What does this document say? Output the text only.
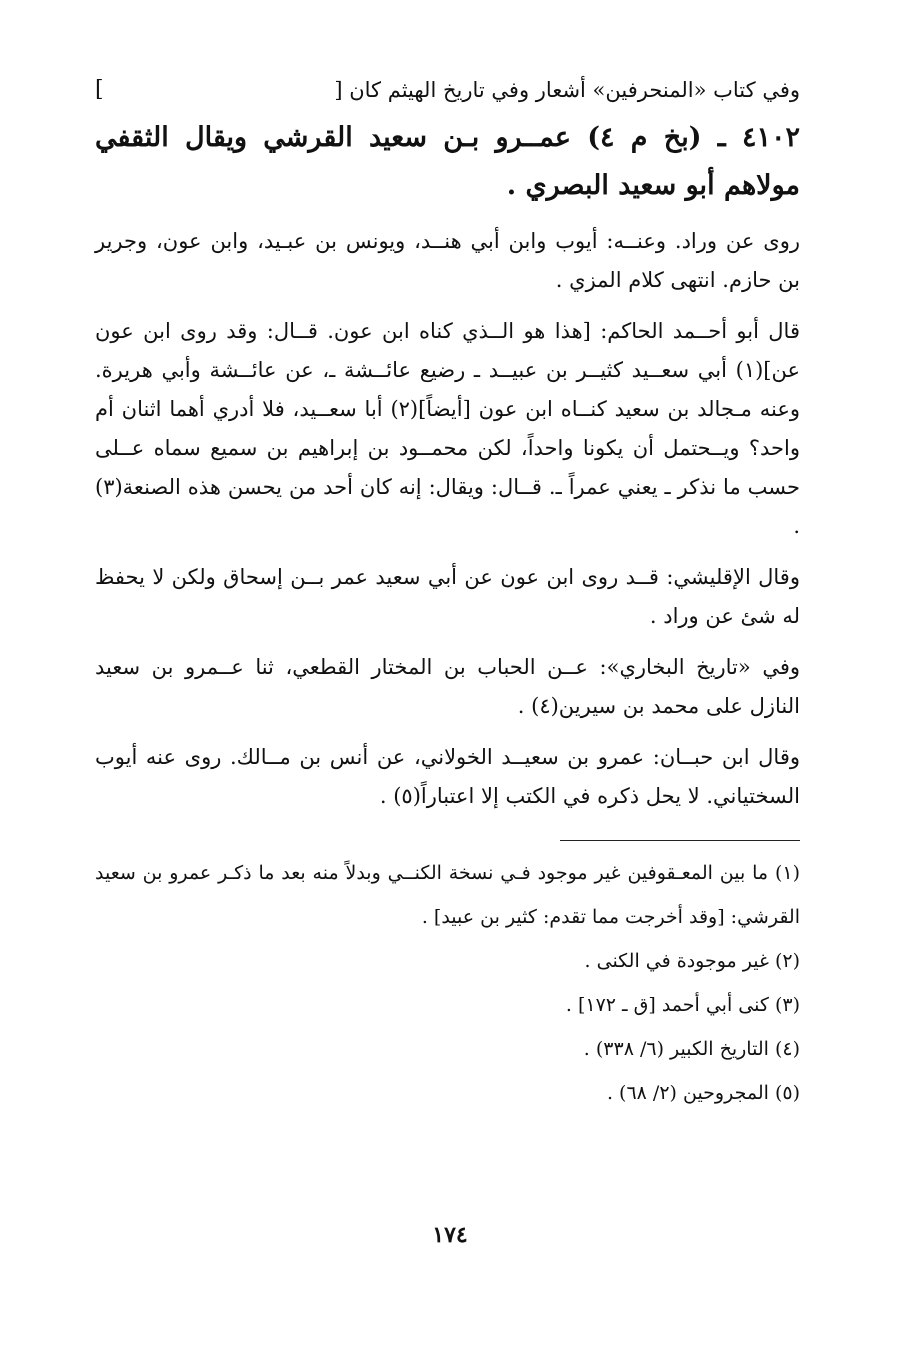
وفي كتاب «المنحرفين» أشعار وفي تاريخ الهيثم كان [
]
٤١٠٢ ـ (بخ م ٤) عمــرو بـن سعيد القرشي ويقال الثقفي مولاهم أبو سعيد البصري .

روى عن وراد. وعنــه: أيوب وابن أبي هنــد، ويونس بن عبـيد، وابن عون، وجرير بن حازم. انتهى كلام المزي .

قال أبو أحــمد الحاكم: [هذا هو الــذي كناه ابن عون. قــال: وقد روى ابن عون عن](١) أبي سعــيد كثيــر بن عبيــد ـ رضيع عائــشة ـ، عن عائــشة وأبي هريرة. وعنه مـجالد بن سعيد كنــاه ابن عون [أيضاً](٢) أبا سعــيد، فلا أدري أهما اثنان أم واحد؟ ويــحتمل أن يكونا واحداً، لكن محمــود بن إبراهيم بن سميع سماه عــلى حسب ما نذكر ـ يعني عمراً ـ. قــال: ويقال: إنه كان أحد من يحسن هذه الصنعة(٣) .

وقال الإقليشي: قــد روى ابن عون عن أبي سعيد عمر بــن إسحاق ولكن لا يحفظ له شئ عن وراد .

وفي «تاريخ البخاري»: عــن الحباب بن المختار القطعي، ثنا عــمرو بن سعيد النازل على محمد بن سيرين(٤) .

وقال ابن حبــان: عمرو بن سعيــد الخولاني، عن أنس بن مــالك. روى عنه أيوب السختياني. لا يحل ذكره في الكتب إلا اعتباراً(٥) .

(١) ما بين المعـقوفين غير موجود فـي نسخة الكنــي وبدلاً منه بعد ما ذكـر عمرو بن سعيد القرشي: [وقد أخرجت مما تقدم: كثير بن عبيد] .

(٢) غير موجودة في الكنى .

(٣) كنى أبي أحمد [ق ـ ١٧٢] .

(٤) التاريخ الكبير (٦/ ٣٣٨) .

(٥) المجروحين (٢/ ٦٨) .

١٧٤
